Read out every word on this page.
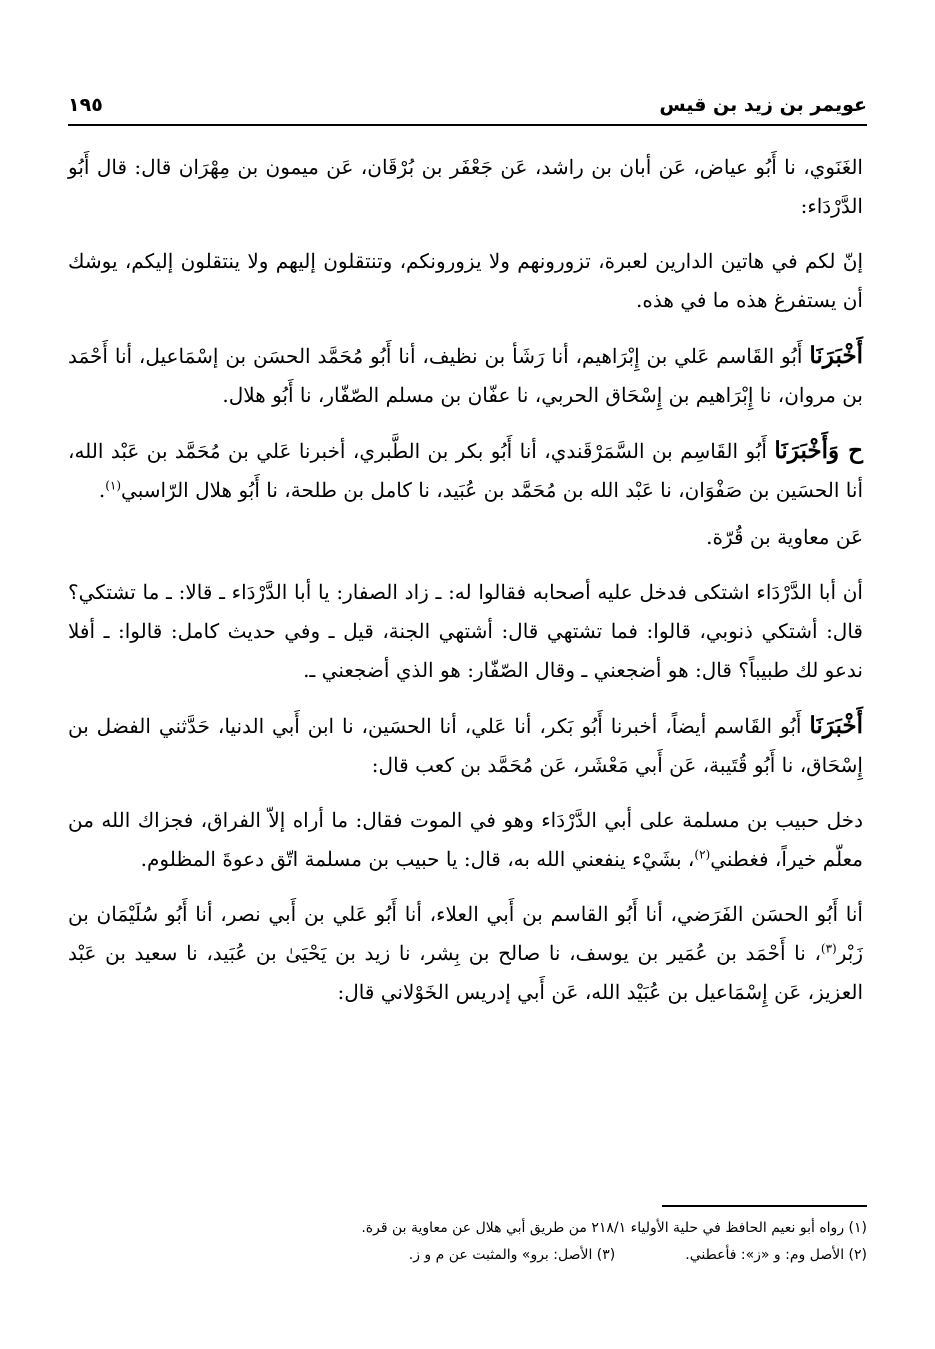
عويمر بن زيد بن قيس
١٩٥

الغَنَوي، نا أَبُو عياض، عَن أبان بن راشد، عَن جَعْفَر بن بُرْقَان، عَن ميمون بن مِهْرَان قال: قال أَبُو الدَّرْدَاء:

إنّ لكم في هاتين الدارين لعبرة، تزورونهم ولا يزورونكم، وتنتقلون إليهم ولا ينتقلون إليكم، يوشك أن يستفرغ هذه ما في هذه.

أَخْبَرَنَا أَبُو القَاسم عَلي بن إِبْرَاهيم، أنا رَشَأ بن نظيف، أنا أَبُو مُحَمَّد الحسَن بن إسْمَاعيل، أنا أَحْمَد بن مروان، نا إِبْرَاهيم بن إِسْحَاق الحربي، نا عفّان بن مسلم الصّفّار، نا أَبُو هلال.

ح وَأَخْبَرَنَا أَبُو القَاسِم بن السَّمَرْقَندي، أنا أَبُو بكر بن الطَّبري، أخبرنا عَلي بن مُحَمَّد بن عَبْد الله، أنا الحسَين بن صَفْوَان، نا عَبْد الله بن مُحَمَّد بن عُبَيد، نا كامل بن طلحة، نا أَبُو هلال الرّاسبي$^{(١)}$.

عَن معاوية بن قُرّة.

أن أبا الدَّرْدَاء اشتكى فدخل عليه أصحابه فقالوا له: ـ زاد الصفار: يا أبا الدَّرْدَاء ـ قالا: ـ ما تشتكي؟ قال: أشتكي ذنوبي، قالوا: فما تشتهي قال: أشتهي الجنة، قيل ـ وفي حديث كامل: قالوا: ـ أفلا ندعو لك طبيباً؟ قال: هو أضجعني ـ وقال الصّفّار: هو الذي أضجعني ـ.

أَخْبَرَنَا أَبُو القَاسم أيضاً، أخبرنا أَبُو بَكر، أنا عَلي، أنا الحسَين، نا ابن أَبي الدنيا، حَدَّثني الفضل بن إِسْحَاق، نا أَبُو قُتَيبة، عَن أَبي مَعْشَر، عَن مُحَمَّد بن كعب قال:

دخل حبيب بن مسلمة على أبي الدَّرْدَاء وهو في الموت فقال: ما أراه إلاّ الفراق، فجزاك الله من معلّم خيراً، فغطني$^{(٢)}$، بشَيْء ينفعني الله به، قال: يا حبيب بن مسلمة اتّق دعوةَ المظلوم.

أنا أَبُو الحسَن الفَرَضي، أنا أَبُو القاسم بن أَبي العلاء، أنا أَبُو عَلي بن أَبي نصر، أنا أَبُو سُلَيْمَان بن زَبْر$^{(٣)}$، نا أَحْمَد بن عُمَير بن يوسف، نا صالح بن بِشر، نا زيد بن يَحْيَىٰ بن عُبَيد، نا سعيد بن عَبْد العزيز، عَن إِسْمَاعيل بن عُبَيْد الله، عَن أَبي إدريس الخَوْلاني قال:

(١) رواه أبو نعيم الحافظ في حلية الأولياء ٢١٨/١ من طريق أبي هلال عن معاوية بن قرة.
(٢) الأصل وم: و «ز»: فأعطني.
(٣) الأصل: برو» والمثبت عن م و ز.
